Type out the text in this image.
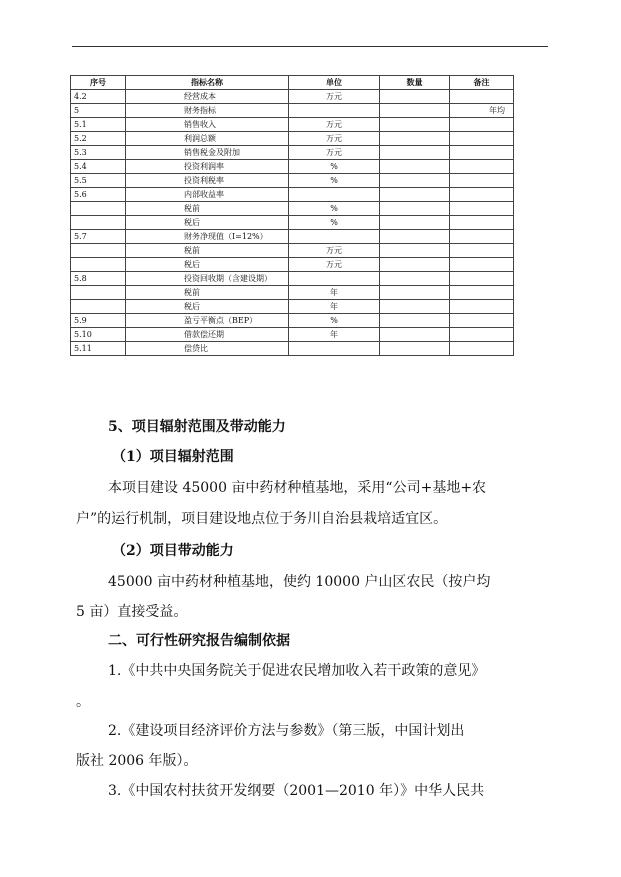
序号	指标名称	单位	数量	备注
4.2	经营成本	万元		
5	财务指标			年均
5.1	销售收入	万元		
5.2	利润总额	万元		
5.3	销售税金及附加	万元		
5.4	投资利润率	%		
5.5	投资利税率	%		
5.6	内部收益率			
	税前	%		
	税后	%		
5.7	财务净现值（I=12%）			
	税前	万元		
	税后	万元		
5.8	投资回收期（含建设期）			
	税前	年		
	税后	年		
5.9	盈亏平衡点（BEP）	%		
5.10	借款偿还期	年		
5.11	偿贷比			
5、项目辐射范围及带动能力
（1）项目辐射范围
本项目建设 45000 亩中药材种植基地，采用“公司+基地+农
户”的运行机制，项目建设地点位于务川自治县栽培适宜区。
（2）项目带动能力
45000 亩中药材种植基地，使约 10000 户山区农民（按户均
5 亩）直接受益。
二、可行性研究报告编制依据
1.《中共中央国务院关于促进农民增加收入若干政策的意见》
。
2.《建设项目经济评价方法与参数》（第三版，中国计划出
版社 2006 年版）。
3.《中国农村扶贫开发纲要（2001—2010 年）》中华人民共
